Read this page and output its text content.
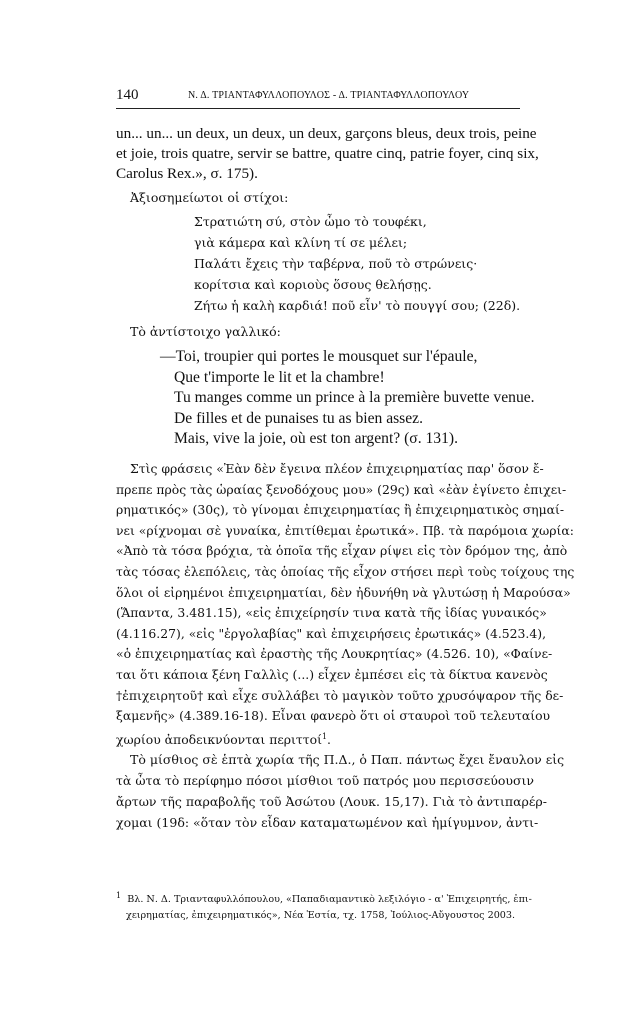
140	Ν. Δ. ΤΡΙΑΝΤΑΦΥΛΛΟΠΟΥΛΟΣ - Δ. ΤΡΙΑΝΤΑΦΥΛΛΟΠΟΥΛΟΥ
un... un... un deux, un deux, un deux, garçons bleus, deux trois, peine
et joie, trois quatre, servir se battre, quatre cinq, patrie foyer, cinq six,
Carolus Rex.», σ. 175).
Ἀξιοσημείωτοι οἱ στίχοι:
Στρατιώτη σύ, στὸν ὦμο τὸ τουφέκι,
γιὰ κάμερα καὶ κλίνη τί σε μέλει;
Παλάτι ἔχεις τὴν ταβέρνα, ποῦ τὸ στρώνεις·
κορίτσια καὶ κοριοὺς ὅσους θελήσῃς.
Ζήτω ἡ καλὴ καρδιά! ποῦ εἶν' τὸ πουγγί σου; (22δ).
Τὸ ἀντίστοιχο γαλλικό:
—Toi, troupier qui portes le mousquet sur l'épaule,
Que t'importe le lit et la chambre!
Tu manges comme un prince à la première buvette venue.
De filles et de punaises tu as bien assez.
Mais, vive la joie, où est ton argent? (σ. 131).
Στὶς φράσεις «Ἐὰν δὲν ἔγεινα πλέον ἐπιχειρηματίας παρ' ὅσον ἔ-
πρεπε πρὸς τὰς ὡραίας ξενοδόχους μου» (29ς) καὶ «ἐὰν ἐγίνετο ἐπιχει-
ρηματικός» (30ς), τὸ γίνομαι ἐπιχειρηματίας ἢ ἐπιχειρηματικὸς σημαί-
νει «ρίχνομαι σὲ γυναίκα, ἐπιτίθεμαι ἐρωτικά». Πβ. τὰ παρόμοια χωρία:
«Ἀπὸ τὰ τόσα βρόχια, τὰ ὁποῖα τῆς εἶχαν ρίψει εἰς τὸν δρόμον της, ἀπὸ
τὰς τόσας ἐλεπόλεις, τὰς ὁποίας τῆς εἶχον στήσει περὶ τοὺς τοίχους της
ὅλοι οἱ εἰρημένοι ἐπιχειρηματίαι, δὲν ἠδυνήθη νὰ γλυτώσῃ ἡ Μαρούσα»
(Ἅπαντα, 3.481.15), «εἰς ἐπιχείρησίν τινα κατὰ τῆς ἰδίας γυναικός»
(4.116.27), «εἰς "ἐργολαβίας" καὶ ἐπιχειρήσεις ἐρωτικάς» (4.523.4),
«ὁ ἐπιχειρηματίας καὶ ἐραστὴς τῆς Λουκρητίας» (4.526. 10), «Φαίνε-
ται ὅτι κάποια ξένη Γαλλὶς (...) εἶχεν ἐμπέσει εἰς τὰ δίκτυα κανενὸς
†ἐπιχειρητοῦ† καὶ εἶχε συλλάβει τὸ μαγικὸν τοῦτο χρυσόψαρον τῆς δε-
ξαμενῆς» (4.389.16-18). Εἶναι φανερὸ ὅτι οἱ σταυροὶ τοῦ τελευταίου
χωρίου ἀποδεικνύονται περιττοί$^1$.
Τὸ μίσθιος σὲ ἑπτὰ χωρία τῆς Π.Δ., ὁ Παπ. πάντως ἔχει ἔναυλον εἰς
τὰ ὦτα τὸ περίφημο πόσοι μίσθιοι τοῦ πατρός μου περισσεύουσιν
ἄρτων τῆς παραβολῆς τοῦ Ἀσώτου (Λουκ. 15,17). Γιὰ τὸ ἀντιπαρέρ-
χομαι (19δ: «ὅταν τὸν εἶδαν καταματωμένον καὶ ἡμίγυμνον, ἀντι-
$^1$ Βλ. Ν. Δ. Τριανταφυλλόπουλου, «Παπαδιαμαντικὸ λεξιλόγιο - α' Ἐπιχειρητής, ἐπι-
χειρηματίας, ἐπιχειρηματικός», Νέα Ἑστία, τχ. 1758, Ἰούλιος-Αὔγουστος 2003.
